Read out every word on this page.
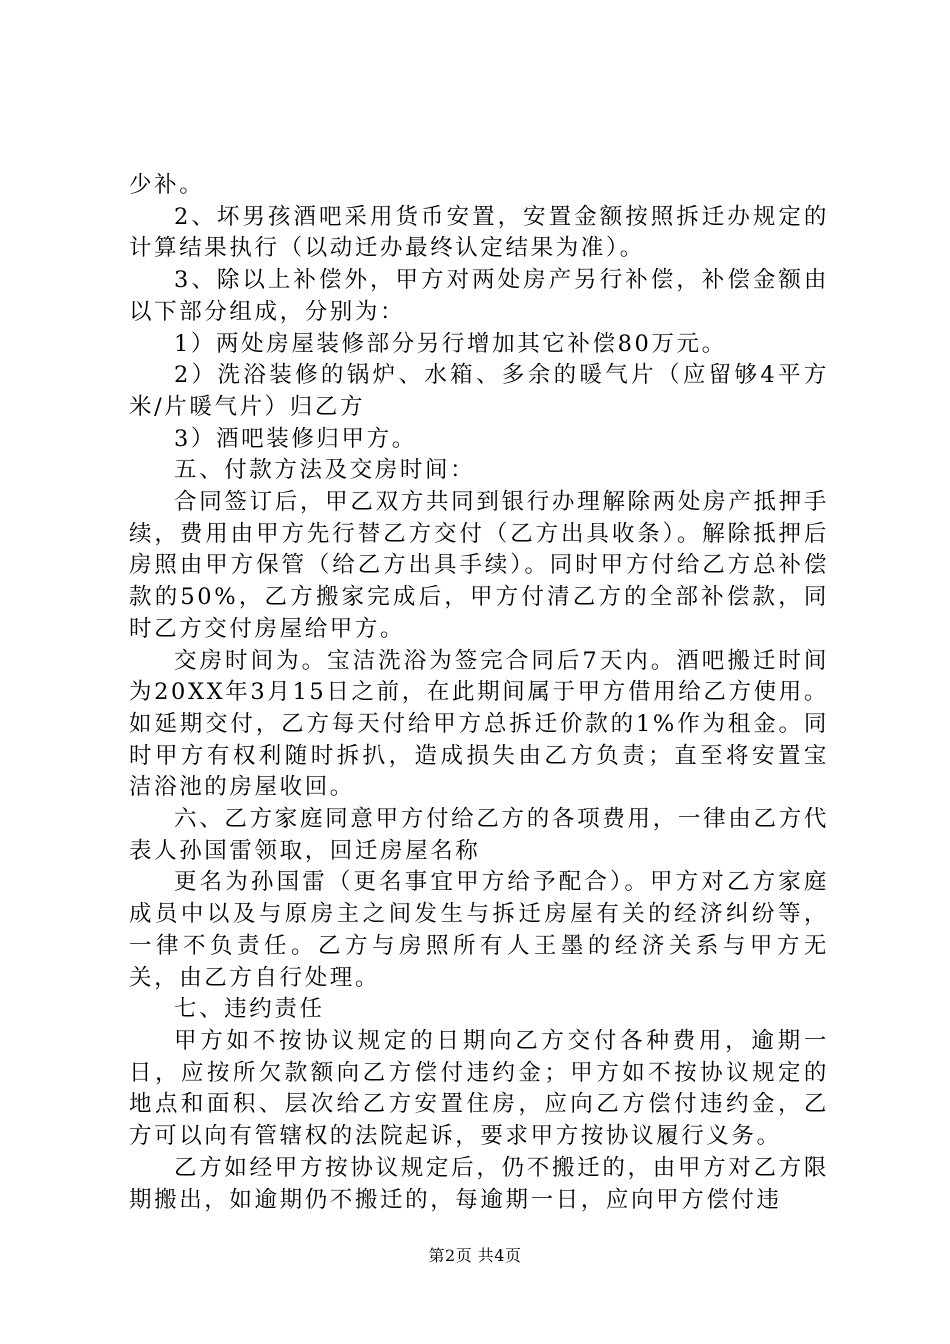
少补。

2、坏男孩酒吧采用货币安置，安置金额按照拆迁办规定的计算结果执行（以动迁办最终认定结果为准）。

3、除以上补偿外，甲方对两处房产另行补偿，补偿金额由以下部分组成，分别为：

1）两处房屋装修部分另行增加其它补偿80万元。

2）洗浴装修的锅炉、水箱、多余的暖气片（应留够4平方米/片暖气片）归乙方

3）酒吧装修归甲方。

五、付款方法及交房时间：

合同签订后，甲乙双方共同到银行办理解除两处房产抵押手续，费用由甲方先行替乙方交付（乙方出具收条）。解除抵押后房照由甲方保管（给乙方出具手续）。同时甲方付给乙方总补偿款的50%，乙方搬家完成后，甲方付清乙方的全部补偿款，同时乙方交付房屋给甲方。

交房时间为。宝洁洗浴为签完合同后7天内。酒吧搬迁时间为20XX年3月15日之前，在此期间属于甲方借用给乙方使用。如延期交付，乙方每天付给甲方总拆迁价款的1%作为租金。同时甲方有权利随时拆扒，造成损失由乙方负责；直至将安置宝洁浴池的房屋收回。

六、乙方家庭同意甲方付给乙方的各项费用，一律由乙方代表人孙国雷领取，回迁房屋名称

更名为孙国雷（更名事宜甲方给予配合）。甲方对乙方家庭成员中以及与原房主之间发生与拆迁房屋有关的经济纠纷等，一律不负责任。乙方与房照所有人王墨的经济关系与甲方无关，由乙方自行处理。

七、违约责任

甲方如不按协议规定的日期向乙方交付各种费用，逾期一日，应按所欠款额向乙方偿付违约金；甲方如不按协议规定的地点和面积、层次给乙方安置住房，应向乙方偿付违约金，乙方可以向有管辖权的法院起诉，要求甲方按协议履行义务。

乙方如经甲方按协议规定后，仍不搬迁的，由甲方对乙方限期搬出，如逾期仍不搬迁的，每逾期一日，应向甲方偿付违

第2页 共4页
